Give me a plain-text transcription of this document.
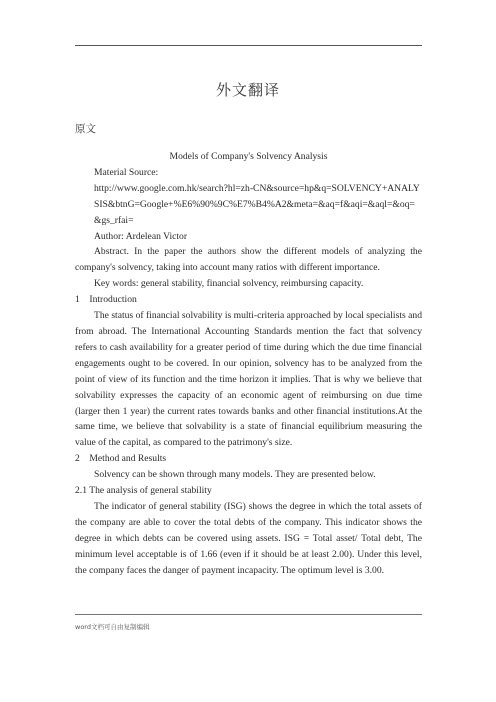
外文翻译
原文

Models of Company's Solvency Analysis

Material Source:

http://www.google.com.hk/search?hl=zh-CN&source=hp&q=SOLVENCY+ANALYSIS&btnG=Google+%E6%90%9C%E7%B4%A2&meta=&aq=f&aqi=&aql=&oq=&gs_rfai=

Author: Ardelean Victor

Abstract. In the paper the authors show the different models of analyzing the company's solvency, taking into account many ratios with different importance.

Key words: general stability, financial solvency, reimbursing capacity.

1    Introduction

The status of financial solvability is multi-criteria approached by local specialists and from abroad. The International Accounting Standards mention the fact that solvency refers to cash availability for a greater period of time during which the due time financial engagements ought to be covered. In our opinion, solvency has to be analyzed from the point of view of its function and the time horizon it implies. That is why we believe that solvability expresses the capacity of an economic agent of reimbursing on due time (larger then 1 year) the current rates towards banks and other financial institutions.At the same time, we believe that solvability is a state of financial equilibrium measuring the value of the capital, as compared to the patrimony's size.

2    Method and Results

Solvency can be shown through many models. They are presented below.

2.1 The analysis of general stability

The indicator of general stability (ISG) shows the degree in which the total assets of the company are able to cover the total debts of the company. This indicator shows the degree in which debts can be covered using assets. ISG = Total asset/ Total debt, The minimum level acceptable is of 1.66 (even if it should be at least 2.00). Under this level, the company faces the danger of payment incapacity. The optimum level is 3.00.

word文档可自由复制编辑
